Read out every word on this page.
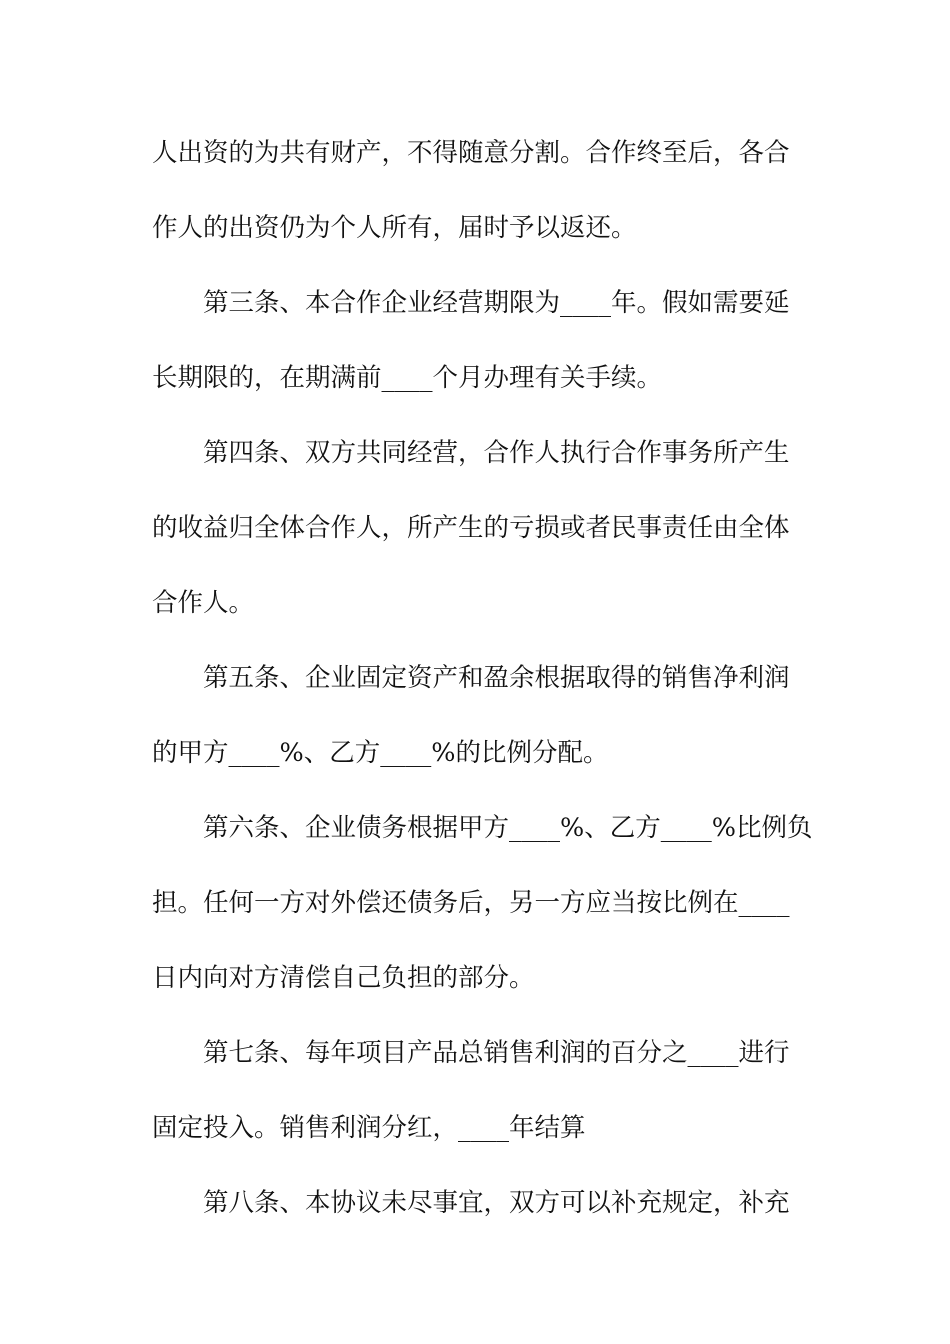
人出资的为共有财产，不得随意分割。合作终至后，各合
作人的出资仍为个人所有，届时予以返还。
第三条、本合作企业经营期限为____年。假如需要延
长期限的，在期满前____个月办理有关手续。
第四条、双方共同经营，合作人执行合作事务所产生
的收益归全体合作人，所产生的亏损或者民事责任由全体
合作人。
第五条、企业固定资产和盈余根据取得的销售净利润
的甲方____%、乙方____%的比例分配。
第六条、企业债务根据甲方____%、乙方____%比例负
担。任何一方对外偿还债务后，另一方应当按比例在____
日内向对方清偿自己负担的部分。
第七条、每年项目产品总销售利润的百分之____进行
固定投入。销售利润分红，____年结算
第八条、本协议未尽事宜，双方可以补充规定，补充
